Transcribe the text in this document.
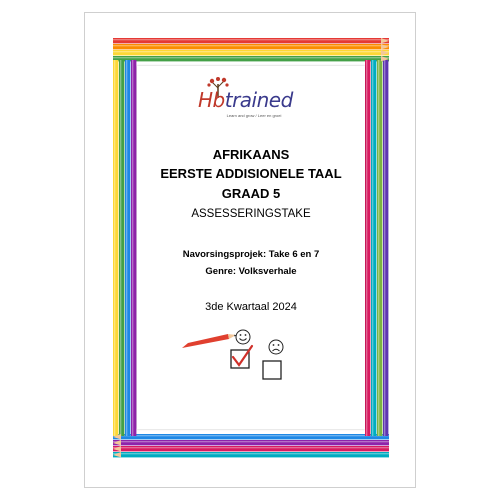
Hbtrained
Learn and grow / Leer en groei
AFRIKAANS
EERSTE ADDISIONELE TAAL
GRAAD 5
ASSESSERINGSTAKE
Navorsingsprojek: Take 6 en 7
Genre: Volksverhale
3de Kwartaal 2024
